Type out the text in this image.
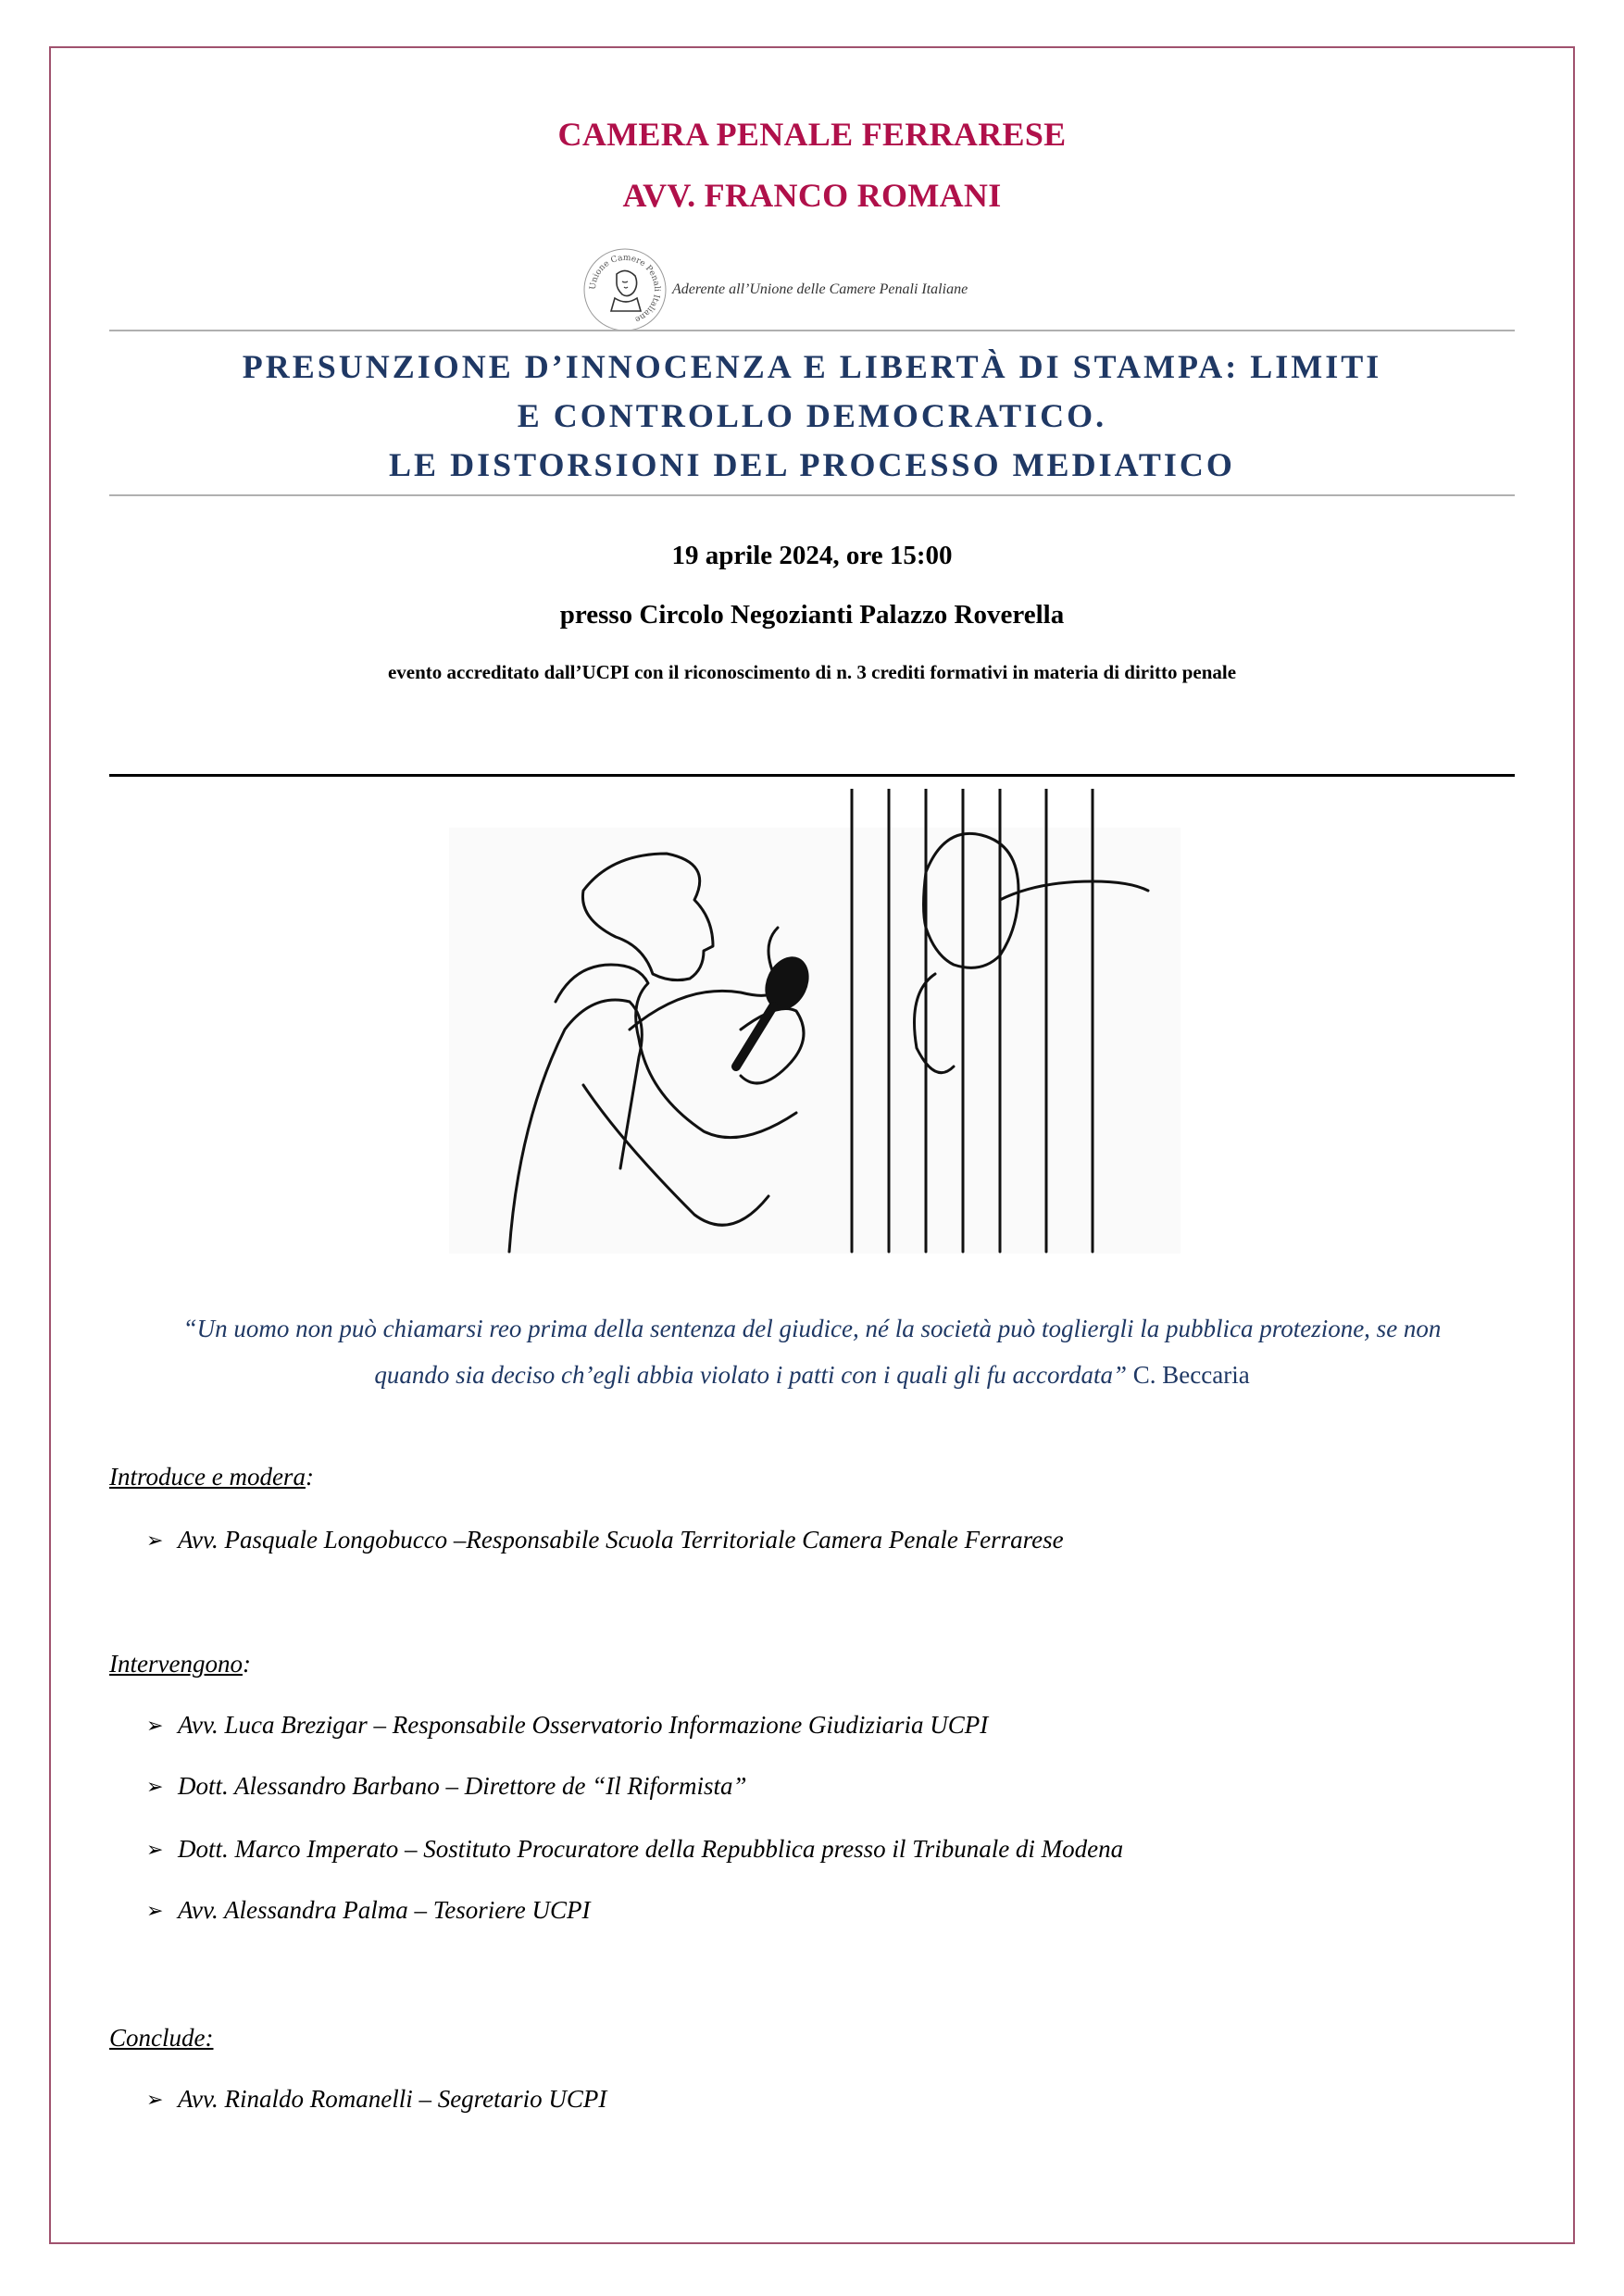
CAMERA PENALE FERRARESE
AVV. FRANCO ROMANI
Unione Camere Penali Italiane
Aderente all’Unione delle Camere Penali Italiane
PRESUNZIONE D’INNOCENZA E LIBERTÀ DI STAMPA: LIMITI
E CONTROLLO DEMOCRATICO.
LE DISTORSIONI DEL PROCESSO MEDIATICO
19 aprile 2024, ore 15:00
presso Circolo Negozianti Palazzo Roverella
evento accreditato dall’UCPI con il riconoscimento di n. 3 crediti formativi in materia di diritto penale
“Un uomo non può chiamarsi reo prima della sentenza del giudice, né la società può togliergli la pubblica protezione, se non
quando sia deciso ch’egli abbia violato i patti con i quali gli fu accordata” C. Beccaria
Introduce e modera:
➢ Avv. Pasquale Longobucco –Responsabile Scuola Territoriale Camera Penale Ferrarese
Intervengono:
➢ Avv. Luca Brezigar – Responsabile Osservatorio Informazione Giudiziaria UCPI
➢ Dott. Alessandro Barbano – Direttore de “Il Riformista”
➢ Dott. Marco Imperato – Sostituto Procuratore della Repubblica presso il Tribunale di Modena
➢ Avv. Alessandra Palma – Tesoriere UCPI
Conclude:
➢ Avv. Rinaldo Romanelli – Segretario UCPI
